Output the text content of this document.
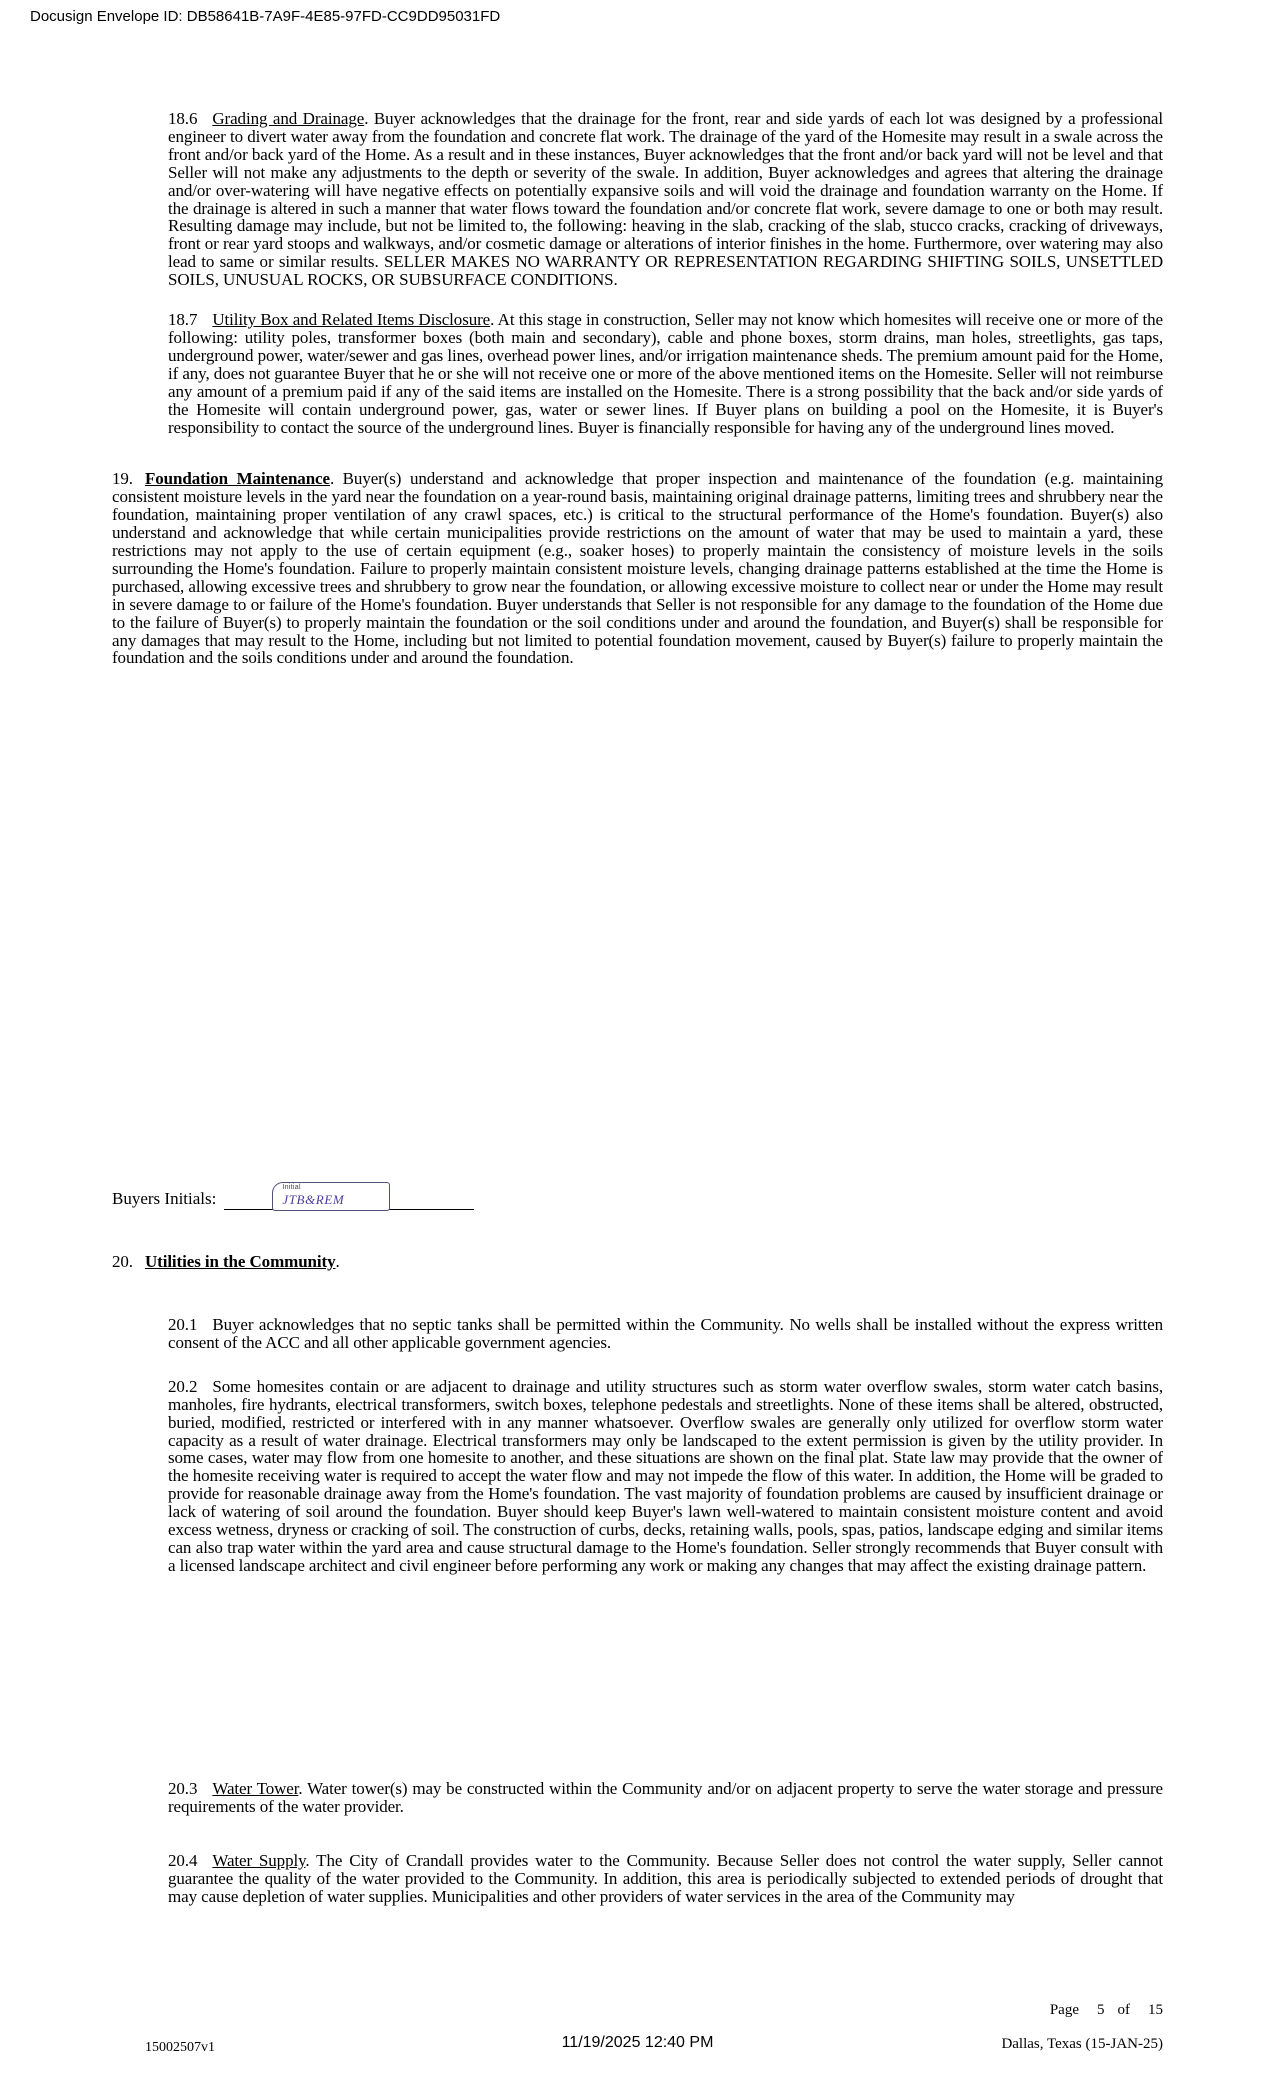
Docusign Envelope ID: DB58641B-7A9F-4E85-97FD-CC9DD95031FD

18.6 Grading and Drainage. Buyer acknowledges that the drainage for the front, rear and side yards of each lot was designed by a professional engineer to divert water away from the foundation and concrete flat work. The drainage of the yard of the Homesite may result in a swale across the front and/or back yard of the Home. As a result and in these instances, Buyer acknowledges that the front and/or back yard will not be level and that Seller will not make any adjustments to the depth or severity of the swale. In addition, Buyer acknowledges and agrees that altering the drainage and/or over-watering will have negative effects on potentially expansive soils and will void the drainage and foundation warranty on the Home. If the drainage is altered in such a manner that water flows toward the foundation and/or concrete flat work, severe damage to one or both may result. Resulting damage may include, but not be limited to, the following: heaving in the slab, cracking of the slab, stucco cracks, cracking of driveways, front or rear yard stoops and walkways, and/or cosmetic damage or alterations of interior finishes in the home. Furthermore, over watering may also lead to same or similar results. SELLER MAKES NO WARRANTY OR REPRESENTATION REGARDING SHIFTING SOILS, UNSETTLED SOILS, UNUSUAL ROCKS, OR SUBSURFACE CONDITIONS.

18.7 Utility Box and Related Items Disclosure. At this stage in construction, Seller may not know which homesites will receive one or more of the following: utility poles, transformer boxes (both main and secondary), cable and phone boxes, storm drains, man holes, streetlights, gas taps, underground power, water/sewer and gas lines, overhead power lines, and/or irrigation maintenance sheds. The premium amount paid for the Home, if any, does not guarantee Buyer that he or she will not receive one or more of the above mentioned items on the Homesite. Seller will not reimburse any amount of a premium paid if any of the said items are installed on the Homesite. There is a strong possibility that the back and/or side yards of the Homesite will contain underground power, gas, water or sewer lines. If Buyer plans on building a pool on the Homesite, it is Buyer's responsibility to contact the source of the underground lines. Buyer is financially responsible for having any of the underground lines moved.

19. Foundation Maintenance. Buyer(s) understand and acknowledge that proper inspection and maintenance of the foundation (e.g. maintaining consistent moisture levels in the yard near the foundation on a year-round basis, maintaining original drainage patterns, limiting trees and shrubbery near the foundation, maintaining proper ventilation of any crawl spaces, etc.) is critical to the structural performance of the Home's foundation. Buyer(s) also understand and acknowledge that while certain municipalities provide restrictions on the amount of water that may be used to maintain a yard, these restrictions may not apply to the use of certain equipment (e.g., soaker hoses) to properly maintain the consistency of moisture levels in the soils surrounding the Home's foundation. Failure to properly maintain consistent moisture levels, changing drainage patterns established at the time the Home is purchased, allowing excessive trees and shrubbery to grow near the foundation, or allowing excessive moisture to collect near or under the Home may result in severe damage to or failure of the Home's foundation. Buyer understands that Seller is not responsible for any damage to the foundation of the Home due to the failure of Buyer(s) to properly maintain the foundation or the soil conditions under and around the foundation, and Buyer(s) shall be responsible for any damages that may result to the Home, including but not limited to potential foundation movement, caused by Buyer(s) failure to properly maintain the foundation and the soils conditions under and around the foundation.

Buyers Initials:
Initial
JTB&REM
20. Utilities in the Community.

20.1 Buyer acknowledges that no septic tanks shall be permitted within the Community. No wells shall be installed without the express written consent of the ACC and all other applicable government agencies.

20.2 Some homesites contain or are adjacent to drainage and utility structures such as storm water overflow swales, storm water catch basins, manholes, fire hydrants, electrical transformers, switch boxes, telephone pedestals and streetlights. None of these items shall be altered, obstructed, buried, modified, restricted or interfered with in any manner whatsoever. Overflow swales are generally only utilized for overflow storm water capacity as a result of water drainage. Electrical transformers may only be landscaped to the extent permission is given by the utility provider. In some cases, water may flow from one homesite to another, and these situations are shown on the final plat. State law may provide that the owner of the homesite receiving water is required to accept the water flow and may not impede the flow of this water. In addition, the Home will be graded to provide for reasonable drainage away from the Home's foundation. The vast majority of foundation problems are caused by insufficient drainage or lack of watering of soil around the foundation. Buyer should keep Buyer's lawn well-watered to maintain consistent moisture content and avoid excess wetness, dryness or cracking of soil. The construction of curbs, decks, retaining walls, pools, spas, patios, landscape edging and similar items can also trap water within the yard area and cause structural damage to the Home's foundation. Seller strongly recommends that Buyer consult with a licensed landscape architect and civil engineer before performing any work or making any changes that may affect the existing drainage pattern.

20.3 Water Tower. Water tower(s) may be constructed within the Community and/or on adjacent property to serve the water storage and pressure requirements of the water provider.

20.4 Water Supply. The City of Crandall provides water to the Community. Because Seller does not control the water supply, Seller cannot guarantee the quality of the water provided to the Community. In addition, this area is periodically subjected to extended periods of drought that may cause depletion of water supplies. Municipalities and other providers of water services in the area of the Community may

Page 5 of 15
15002507v1	11/19/2025 12:40 PM	Dallas, Texas (15-JAN-25)
